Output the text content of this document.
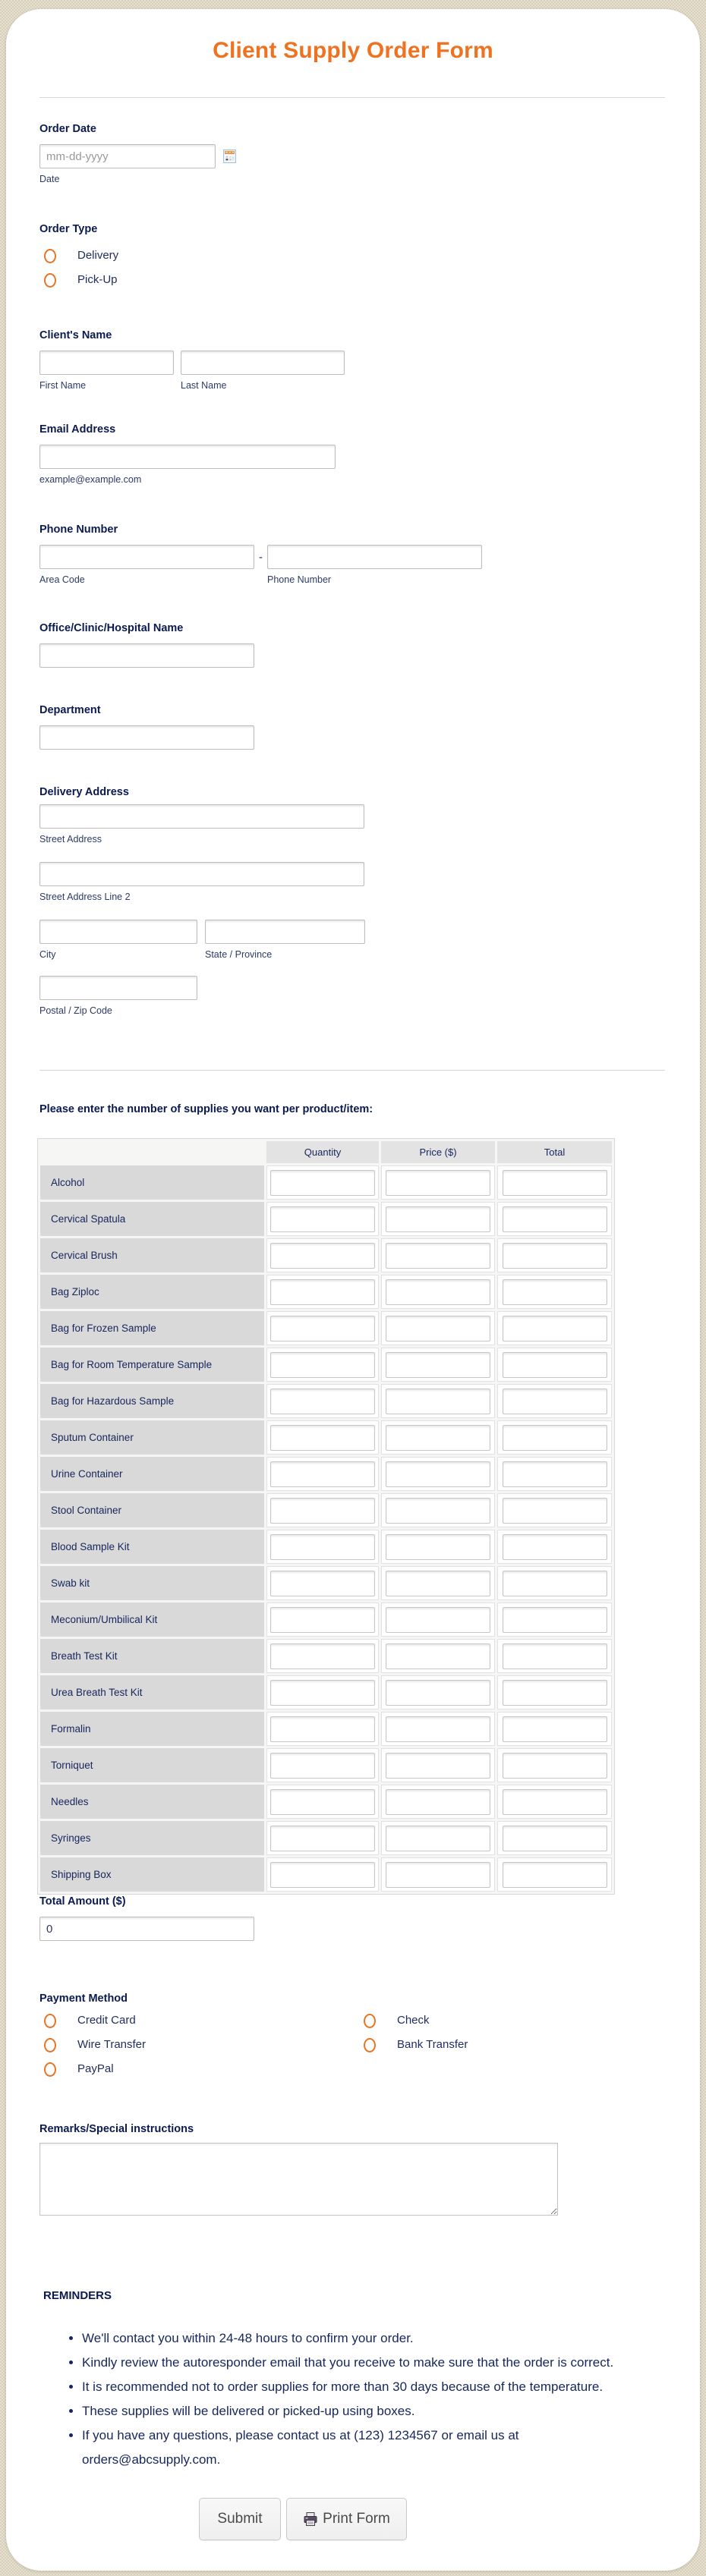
Client Supply Order Form
Order Date
mm-dd-yyyy
Date
Order Type
Delivery
Pick-Up
Client's Name
First Name	Last Name
Email Address
example@example.com
Phone Number
-
Area Code	Phone Number
Office/Clinic/Hospital Name
Department
Delivery Address
Street Address
Street Address Line 2
City	State / Province
Postal / Zip Code
Please enter the number of supplies you want per product/item:
	Quantity	Price ($)	Total
Alcohol			
Cervical Spatula			
Cervical Brush			
Bag Ziploc			
Bag for Frozen Sample			
Bag for Room Temperature Sample			
Bag for Hazardous Sample			
Sputum Container			
Urine Container			
Stool Container			
Blood Sample Kit			
Swab kit			
Meconium/Umbilical Kit			
Breath Test Kit			
Urea Breath Test Kit			
Formalin			
Torniquet			
Needles			
Syringes			
Shipping Box			
Total Amount ($)
0
Payment Method
Credit Card
Wire Transfer
PayPal
Check
Bank Transfer
Remarks/Special instructions
REMINDERS
• We'll contact you within 24-48 hours to confirm your order.
• Kindly review the autoresponder email that you receive to make sure that the order is correct.
• It is recommended not to order supplies for more than 30 days because of the temperature.
• These supplies will be delivered or picked-up using boxes.
• If you have any questions, please contact us at (123) 1234567 or email us at orders@abcsupply.com.
Submit	Print Form
